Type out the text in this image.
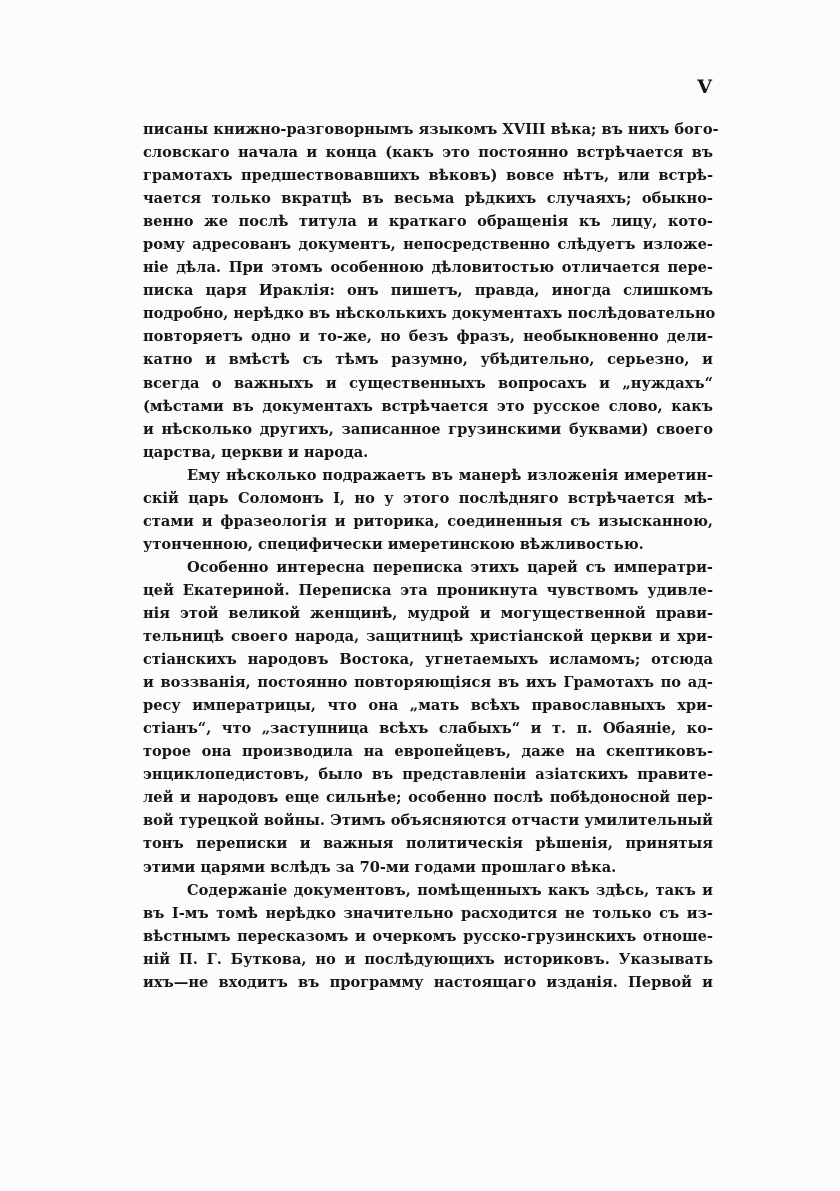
V
писаны книжно-разговорнымъ языкомъ XVIII вѣка; въ нихъ бого-
словскаго начала и конца (какъ это постоянно встрѣчается въ
грамотахъ предшествовавшихъ вѣковъ) вовсе нѣтъ, или встрѣ-
чается только вкратцѣ въ весьма рѣдкихъ случаяхъ; обыкно-
венно же послѣ титула и краткаго обращенія къ лицу, кото-
рому адресованъ документъ, непосредственно слѣдуетъ изложе-
ніе дѣла. При этомъ особенною дѣловитостью отличается пере-
писка царя Ираклія: онъ пишетъ, правда, иногда слишкомъ
подробно, нерѣдко въ нѣсколькихъ документахъ послѣдовательно
повторяетъ одно и то-же, но безъ фразъ, необыкновенно дели-
катно и вмѣстѣ съ тѣмъ разумно, убѣдительно, серьезно, и
всегда о важныхъ и существенныхъ вопросахъ и „нуждахъ“
(мѣстами въ документахъ встрѣчается это русское слово, какъ
и нѣсколько другихъ, записанное грузинскими буквами) своего
царства, церкви и народа.
Ему нѣсколько подражаетъ въ манерѣ изложенія имеретин-
скій царь Соломонъ I, но у этого послѣдняго встрѣчается мѣ-
стами и фразеологія и риторика, соединенныя съ изысканною,
утонченною, специфически имеретинскою вѣжливостью.
Особенно интересна переписка этихъ царей съ императри-
цей Екатериной. Переписка эта проникнута чувствомъ удивле-
нія этой великой женщинѣ, мудрой и могущественной прави-
тельницѣ своего народа, защитницѣ христіанской церкви и хри-
стіанскихъ народовъ Востока, угнетаемыхъ исламомъ; отсюда
и воззванія, постоянно повторяющіяся въ ихъ Грамотахъ по ад-
ресу императрицы, что она „мать всѣхъ православныхъ хри-
стіанъ“, что „заступница всѣхъ слабыхъ“ и т. п. Обаяніе, ко-
торое она производила на европейцевъ, даже на скептиковъ-
энциклопедистовъ, было въ представленіи азіатскихъ правите-
лей и народовъ еще сильнѣе; особенно послѣ побѣдоносной пер-
вой турецкой войны. Этимъ объясняются отчасти умилительный
тонъ переписки и важныя политическія рѣшенія, принятыя
этими царями вслѣдъ за 70-ми годами прошлаго вѣка.
Содержаніе документовъ, помѣщенныхъ какъ здѣсь, такъ и
въ I-мъ томѣ нерѣдко значительно расходится не только съ из-
вѣстнымъ пересказомъ и очеркомъ русско-грузинскихъ отноше-
ній П. Г. Буткова, но и послѣдующихъ историковъ. Указывать
ихъ—не входитъ въ программу настоящаго изданія. Первой и
